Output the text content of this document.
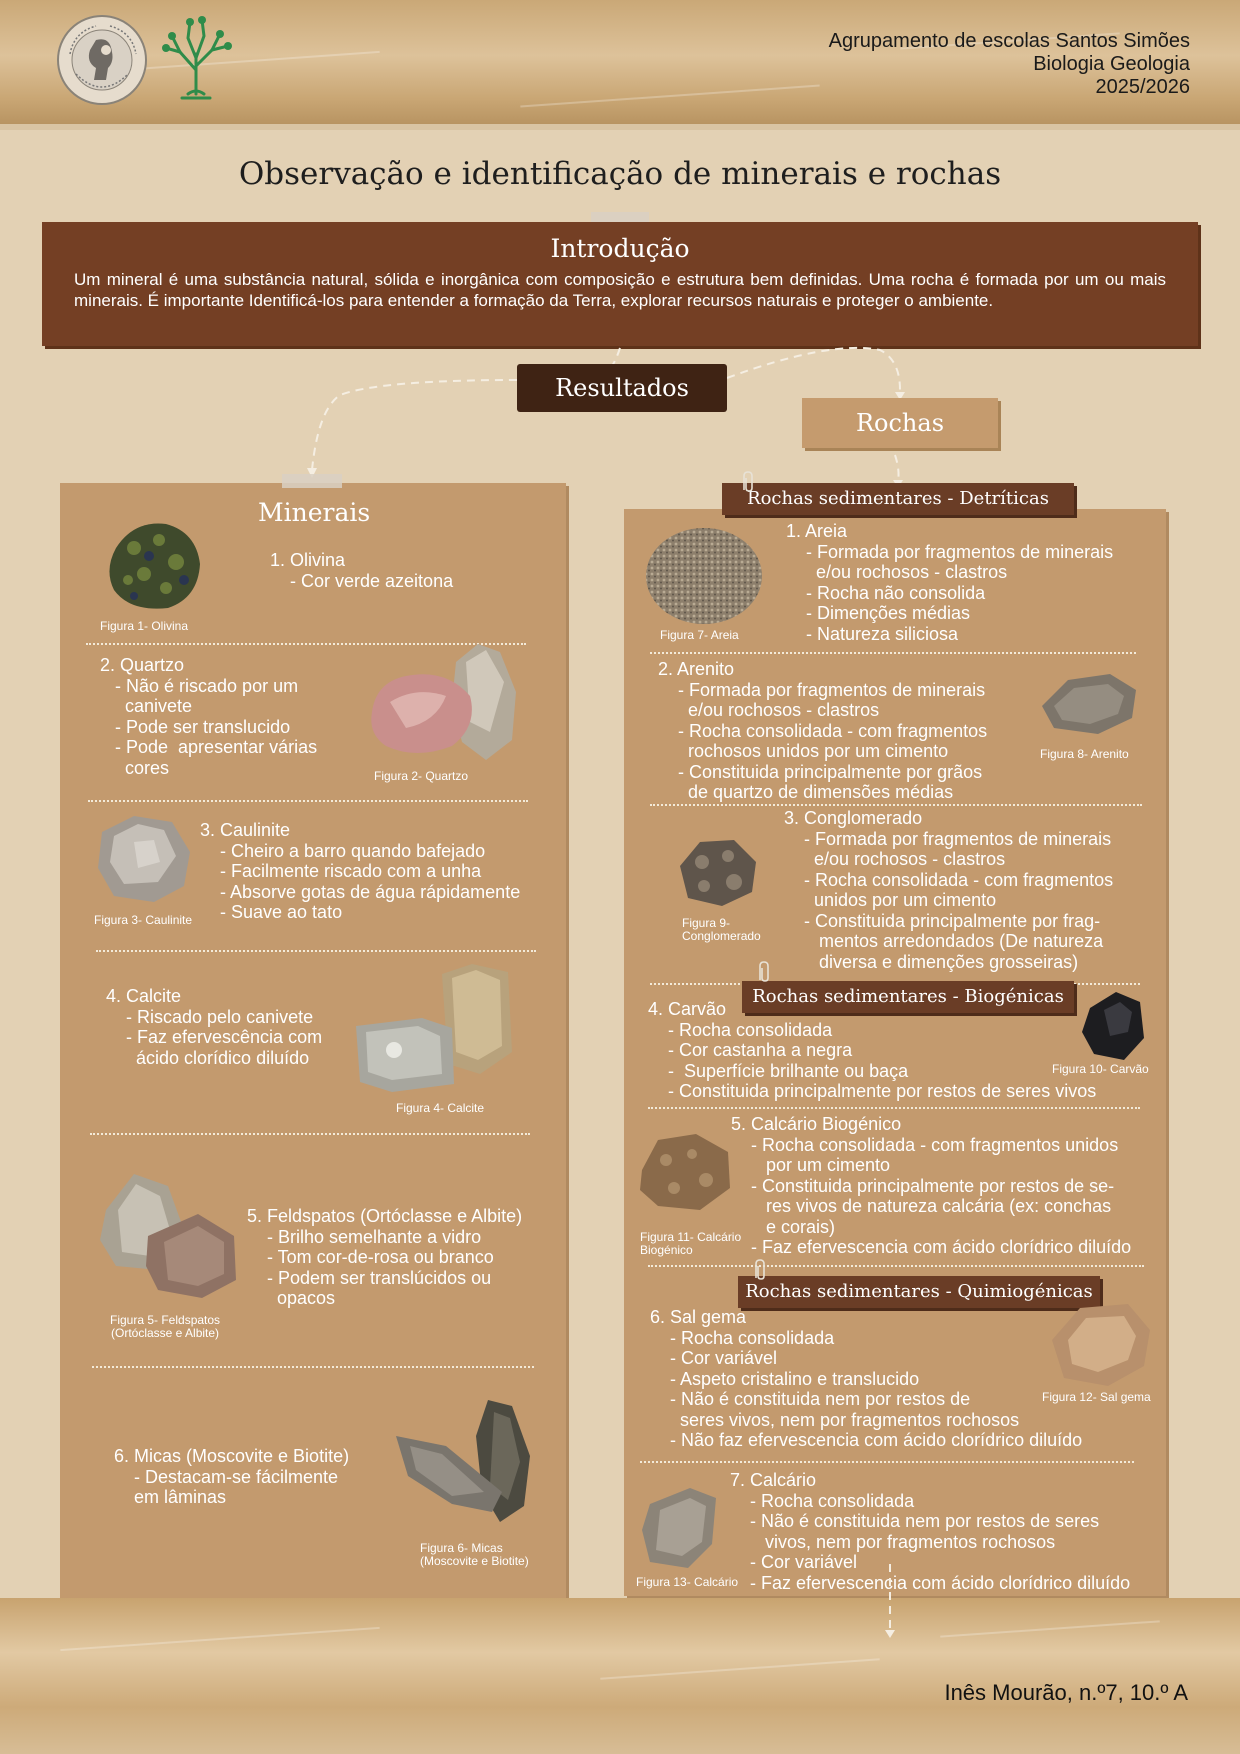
Agrupamento de escolas Santos Simões
Biologia Geologia
2025/2026
Observação e identificação de minerais e rochas
Introdução

Um mineral é uma substância natural, sólida e inorgânica com composição e estrutura bem definidas. Uma rocha é formada por um ou mais minerais. É importante Identificá-los para entender a formação da Terra, explorar recursos naturais e proteger o ambiente.

Resultados
Rochas
Minerais
Figura 1- Olivina
1. Olivina
- Cor verde azeitona
2. Quartzo
- Não é riscado por um
canivete
- Pode ser translucido
- Pode  apresentar várias
cores	Figura 2- Quartzo
Figura 3- Caulinite
3. Caulinite
- Cheiro a barro quando bafejado
- Facilmente riscado com a unha
- Absorve gotas de água rápidamente
- Suave ao tato
4. Calcite
- Riscado pelo canivete
- Faz efervescência com
ácido clorídico diluído
Figura 4- Calcite
Figura 5- Feldspatos
(Ortóclasse e Albite)
5. Feldspatos (Ortóclasse e Albite)
- Brilho semelhante a vidro
- Tom cor-de-rosa ou branco
- Podem ser translúcidos ou
opacos
6. Micas (Moscovite e Biotite)
- Destacam-se fácilmente
em lâminas
Figura 6- Micas
(Moscovite e Biotite)
Rochas sedimentares - Detríticas
Figura 7- Areia
1. Areia
- Formada por fragmentos de minerais
e/ou rochosos - clastros
- Rocha não consolida
- Dimenções médias
- Natureza siliciosa
2. Arenito
- Formada por fragmentos de minerais
e/ou rochosos - clastros
- Rocha consolidada - com fragmentos
rochosos unidos por um cimento
- Constituida principalmente por grãos
de quartzo de dimensões médias
Figura 8- Arenito
Figura 9-
Conglomerado
3. Conglomerado
- Formada por fragmentos de minerais
e/ou rochosos - clastros
- Rocha consolidada - com fragmentos
unidos por um cimento
- Constituida principalmente por frag-
mentos arredondados (De natureza
diversa e dimenções grosseiras)
Rochas sedimentares - Biogénicas
4. Carvão
- Rocha consolidada
- Cor castanha a negra
-  Superfície brilhante ou baça
- Constituida principalmente por restos de seres vivos
Figura 10- Carvão
Figura 11- Calcário
Biogénico
5. Calcário Biogénico
- Rocha consolidada - com fragmentos unidos
por um cimento
- Constituida principalmente por restos de se-
res vivos de natureza calcária (ex: conchas
e corais)
- Faz efervescencia com ácido clorídrico diluído
Rochas sedimentares - Quimiogénicas
6. Sal gema
- Rocha consolidada
- Cor variável
- Aspeto cristalino e translucido
- Não é constituida nem por restos de
seres vivos, nem por fragmentos rochosos
- Não faz efervescencia com ácido clorídrico diluído
Figura 12- Sal gema
Figura 13- Calcário
7. Calcário
- Rocha consolidada
- Não é constituida nem por restos de seres
vivos, nem por fragmentos rochosos
- Cor variável
- Faz efervescencia com ácido clorídrico diluído
Inês Mourão, n.º7, 10.º A
